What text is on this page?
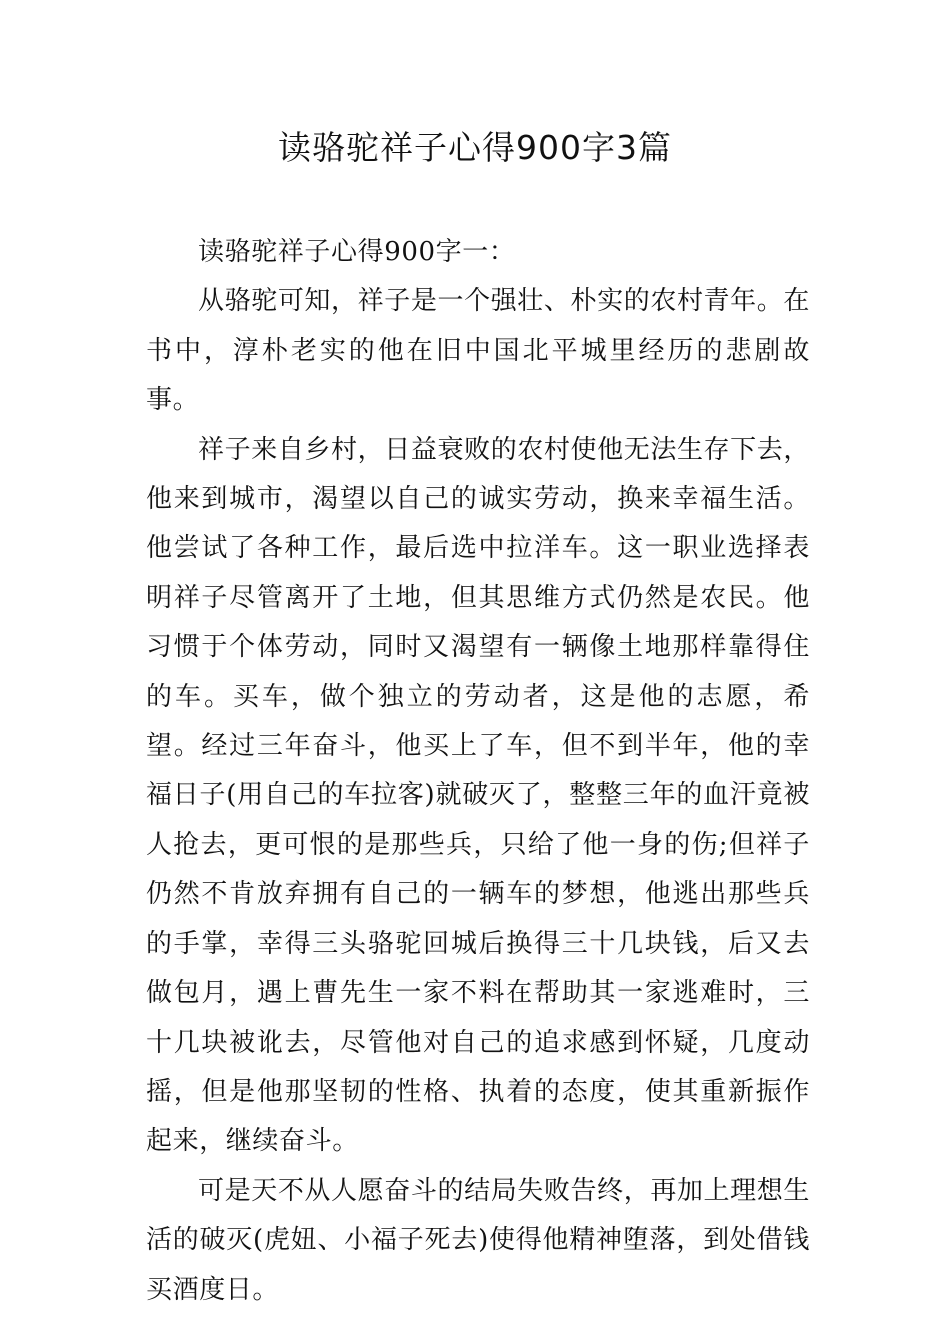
读骆驼祥子心得900字3篇

读骆驼祥子心得900字一：

从骆驼可知，祥子是一个强壮、朴实的农村青年。在书中，淳朴老实的他在旧中国北平城里经历的悲剧故事。

祥子来自乡村，日益衰败的农村使他无法生存下去，他来到城市，渴望以自己的诚实劳动，换来幸福生活。他尝试了各种工作，最后选中拉洋车。这一职业选择表明祥子尽管离开了土地，但其思维方式仍然是农民。他习惯于个体劳动，同时又渴望有一辆像土地那样靠得住的车。买车，做个独立的劳动者，这是他的志愿，希望。经过三年奋斗，他买上了车，但不到半年，他的幸福日子(用自己的车拉客)就破灭了，整整三年的血汗竟被人抢去，更可恨的是那些兵，只给了他一身的伤;但祥子仍然不肯放弃拥有自己的一辆车的梦想，他逃出那些兵的手掌，幸得三头骆驼回城后换得三十几块钱，后又去做包月，遇上曹先生一家不料在帮助其一家逃难时，三十几块被讹去，尽管他对自己的追求感到怀疑，几度动摇，但是他那坚韧的性格、执着的态度，使其重新振作起来，继续奋斗。

可是天不从人愿奋斗的结局失败告终，再加上理想生活的破灭(虎妞、小福子死去)使得他精神堕落，到处借钱买酒度日。
